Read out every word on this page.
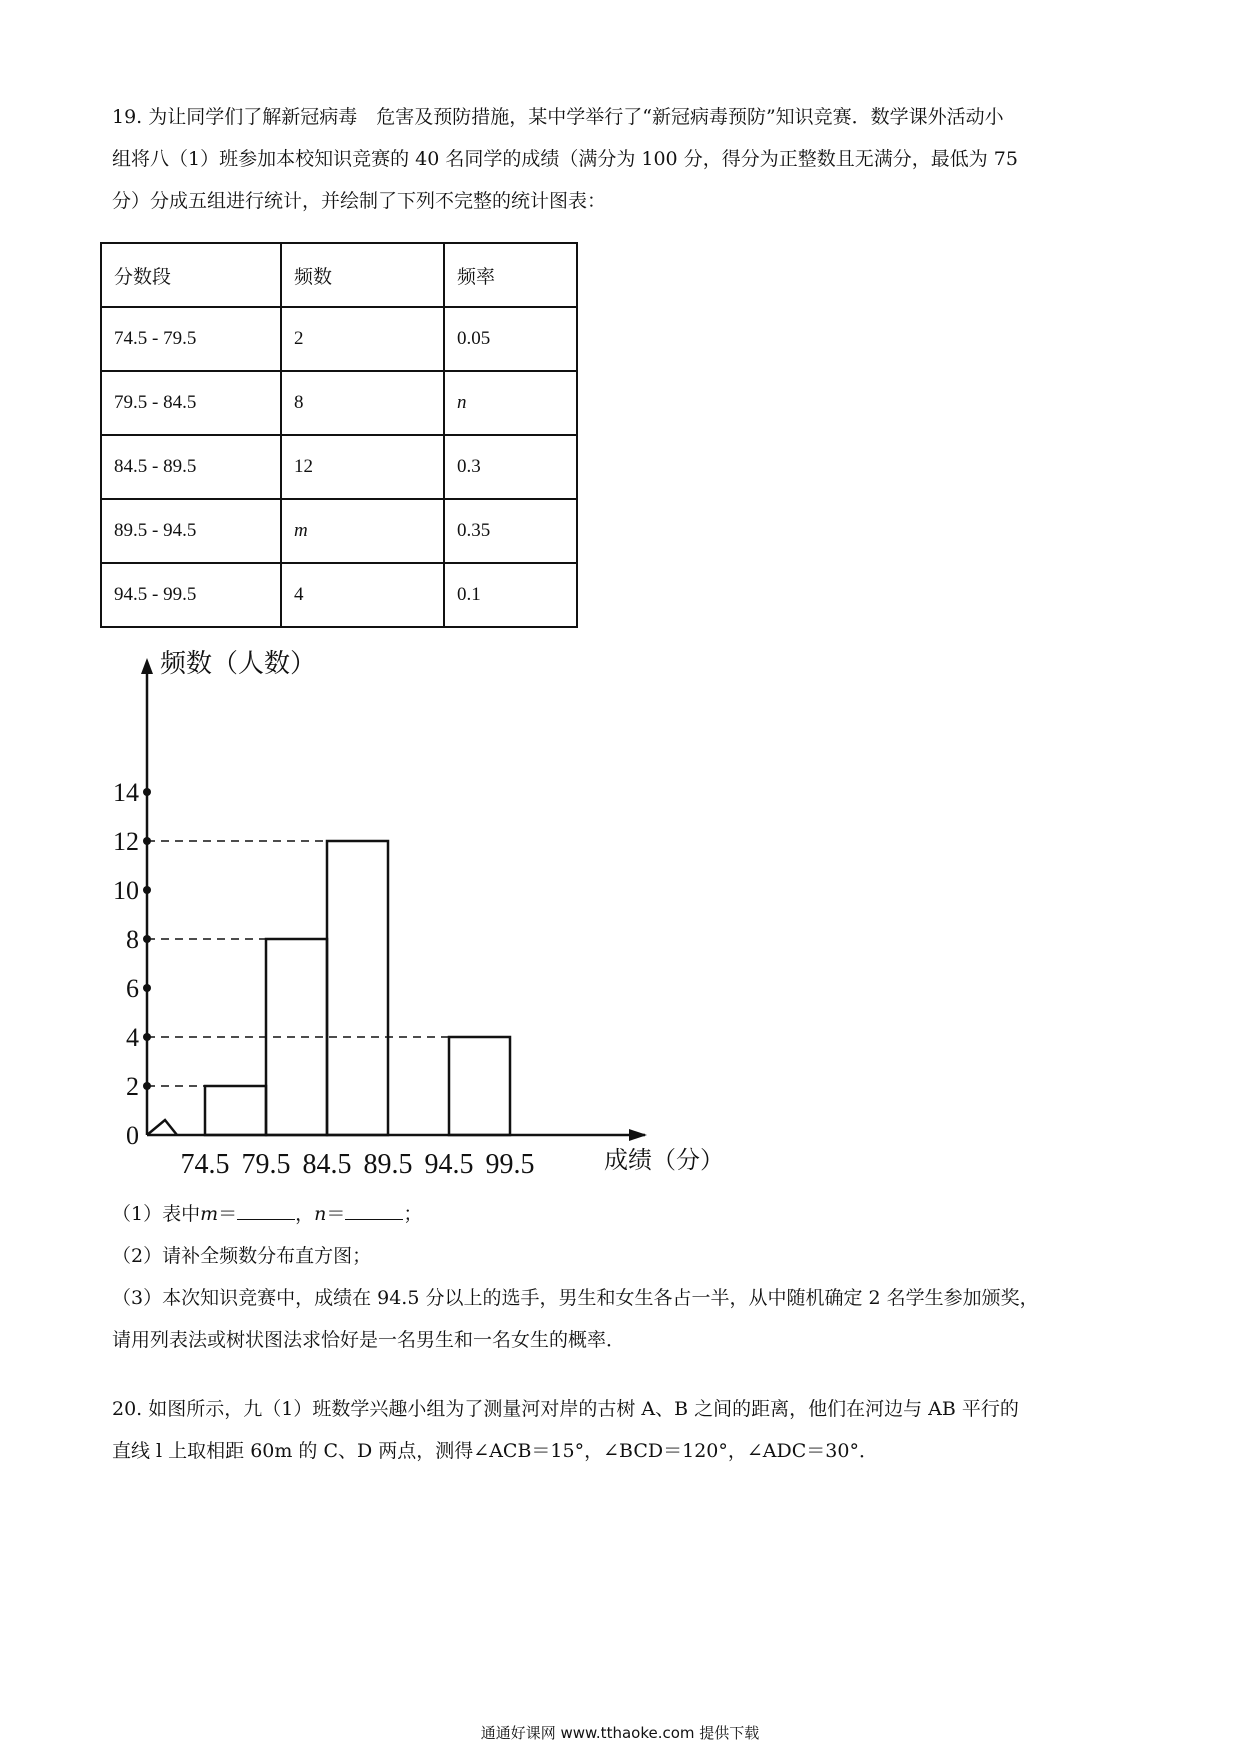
19. 为让同学们了解新冠病毒　危害及预防措施，某中学举行了“新冠病毒预防”知识竞赛．数学课外活动小

组将八（1）班参加本校知识竞赛的 40 名同学的成绩（满分为 100 分，得分为正整数且无满分，最低为 75

分）分成五组进行统计，并绘制了下列不完整的统计图表：

分数段	频数	频率
74.5 - 79.5	2	0.05
79.5 - 84.5	8	n
84.5 - 89.5	12	0.3
89.5 - 94.5	m	0.35
94.5 - 99.5	4	0.1
0
2
4
6
8
10
12
14
74.5 79.5 84.5 89.5 94.5 99.5
频数（人数）
成绩（分）

（1）表中m＝	，n＝	；

（2）请补全频数分布直方图；

（3）本次知识竞赛中，成绩在 94.5 分以上的选手，男生和女生各占一半，从中随机确定 2 名学生参加颁奖，

请用列表法或树状图法求恰好是一名男生和一名女生的概率．

20. 如图所示，九（1）班数学兴趣小组为了测量河对岸的古树 A、B 之间的距离，他们在河边与 AB 平行的

直线 l 上取相距 60m 的 C、D 两点，测得∠ACB＝15°，∠BCD＝120°，∠ADC＝30°．

通通好课网 www.tthaoke.com 提供下载
